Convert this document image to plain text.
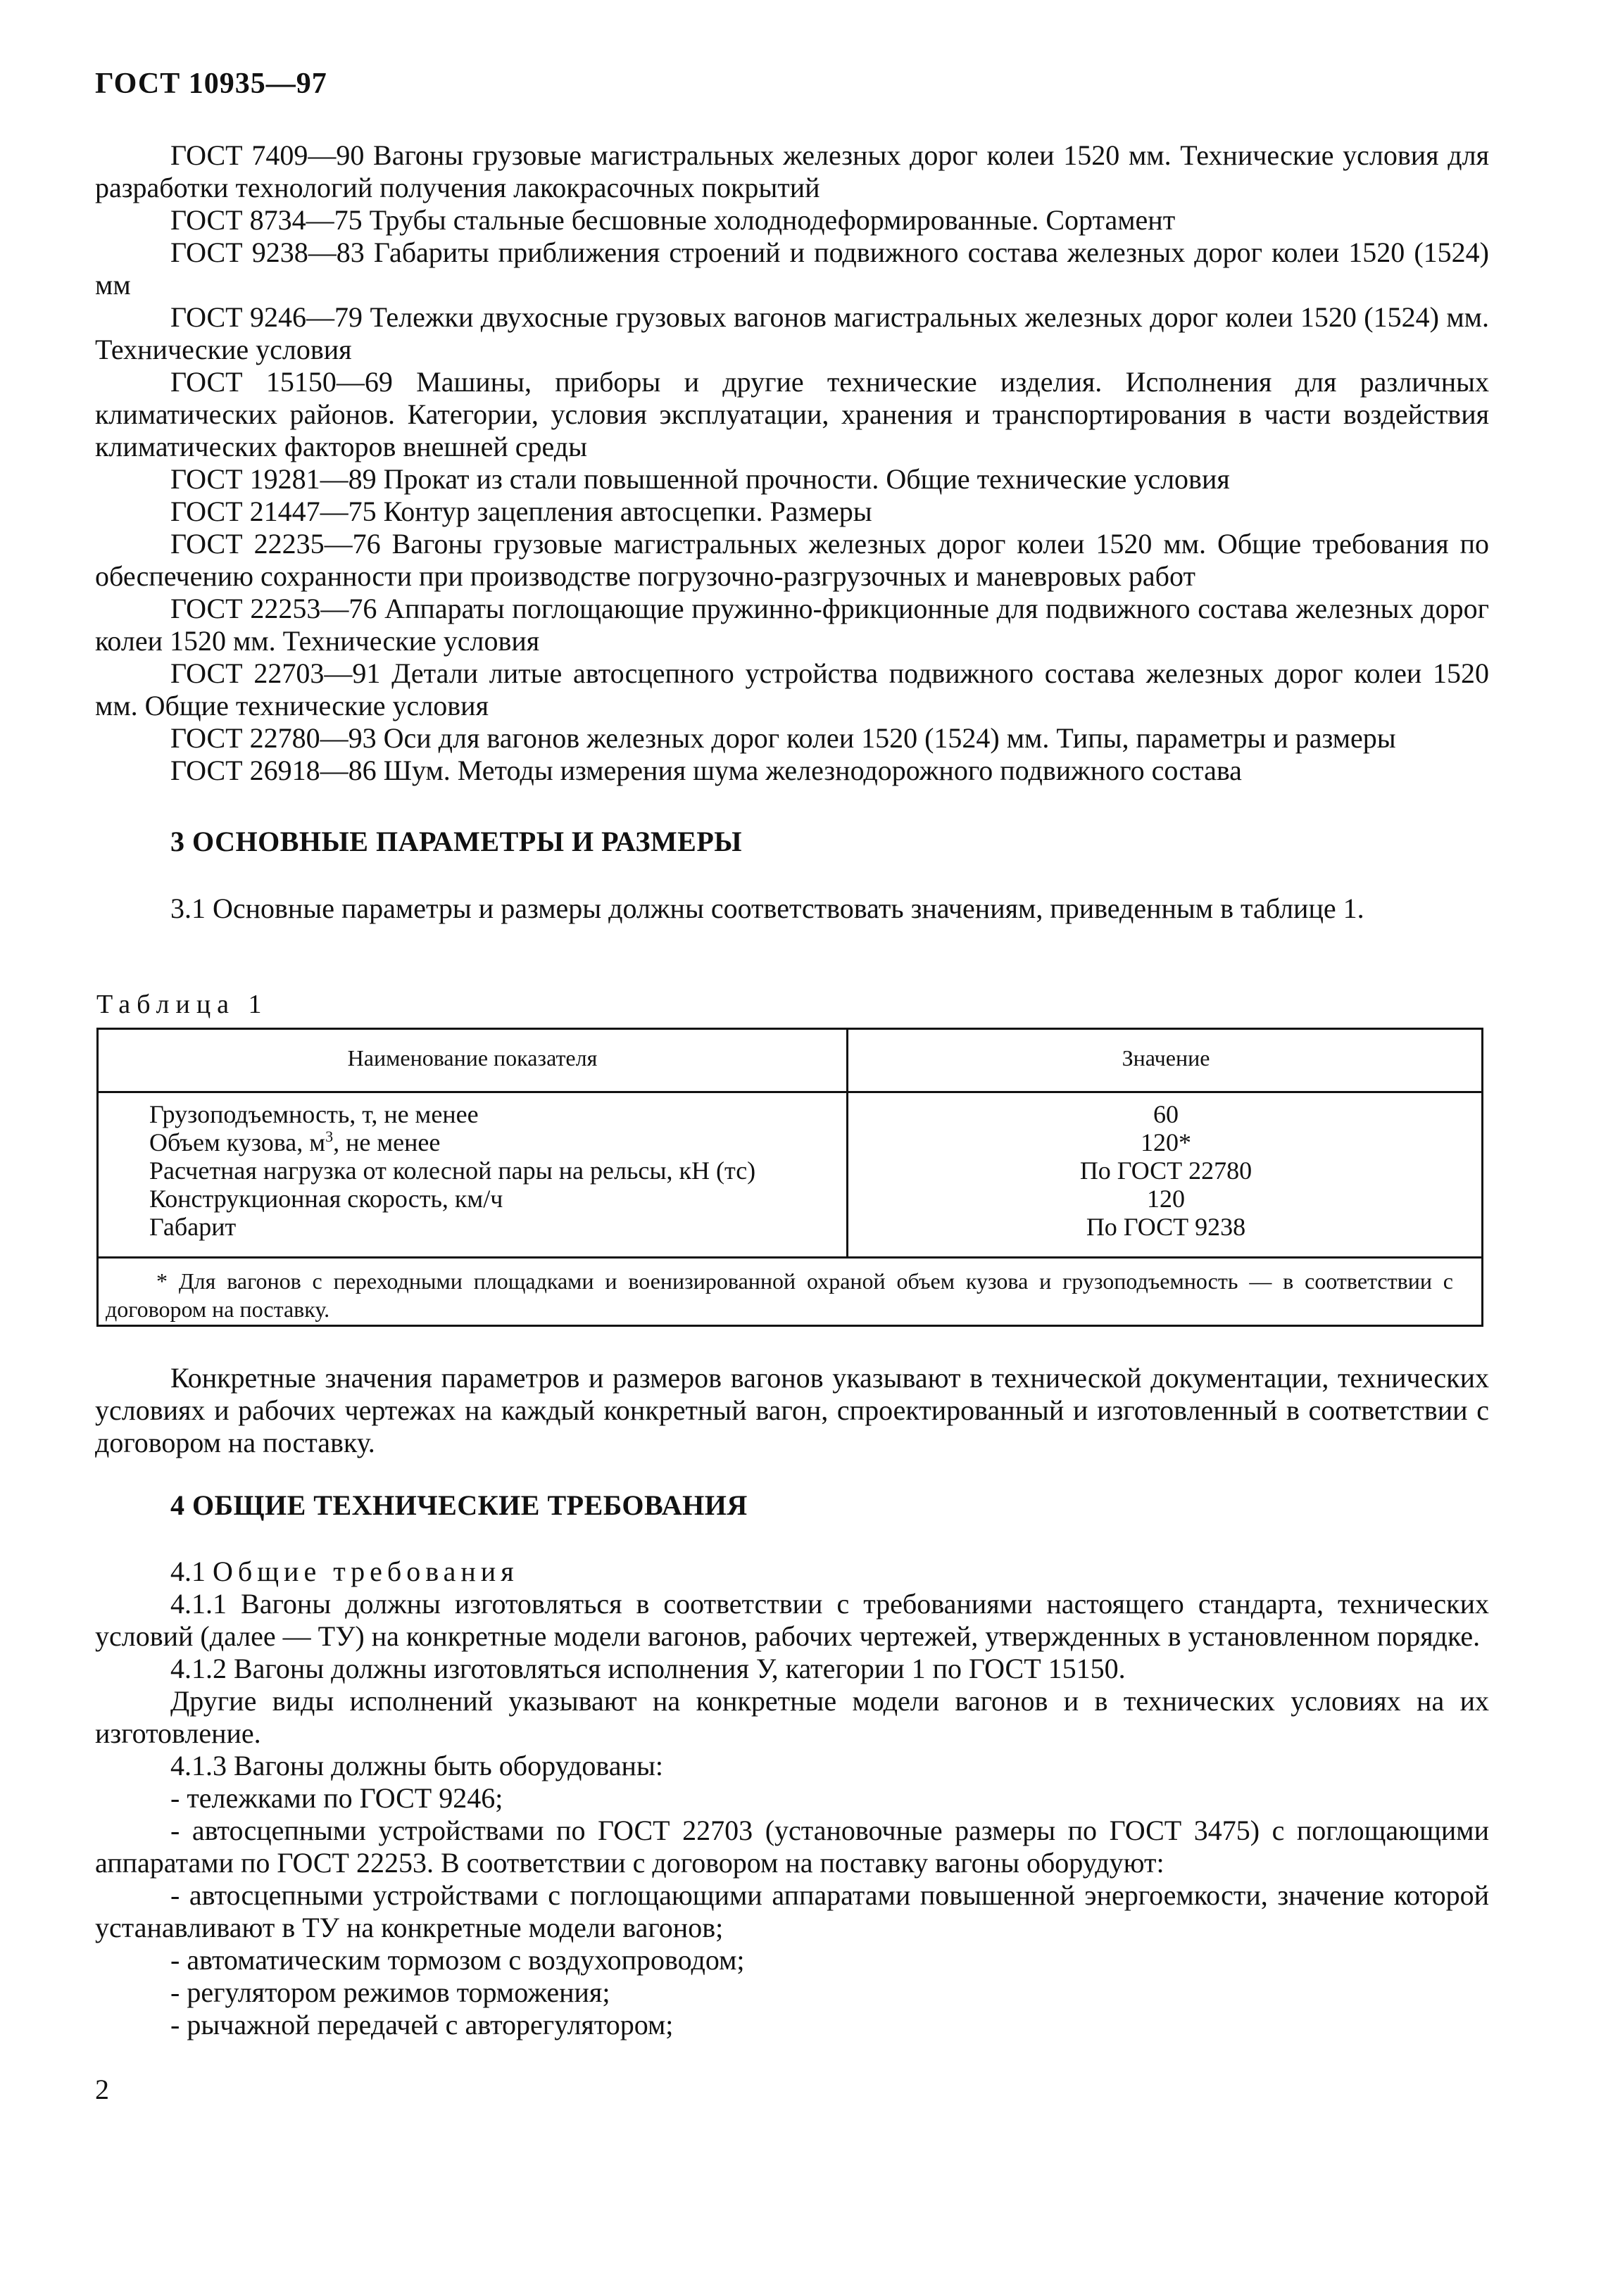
ГОСТ 10935—97

ГОСТ 7409—90 Вагоны грузовые магистральных железных дорог колеи 1520 мм. Технические условия для разработки технологий получения лакокрасочных покрытий

ГОСТ 8734—75 Трубы стальные бесшовные холоднодеформированные. Сортамент

ГОСТ 9238—83 Габариты приближения строений и подвижного состава железных дорог колеи 1520 (1524) мм

ГОСТ 9246—79 Тележки двухосные грузовых вагонов магистральных железных дорог колеи 1520 (1524) мм. Технические условия

ГОСТ 15150—69 Машины, приборы и другие технические изделия. Исполнения для различных климатических районов. Категории, условия эксплуатации, хранения и транспортирования в части воздействия климатических факторов внешней среды

ГОСТ 19281—89 Прокат из стали повышенной прочности. Общие технические условия

ГОСТ 21447—75 Контур зацепления автосцепки. Размеры

ГОСТ 22235—76 Вагоны грузовые магистральных железных дорог колеи 1520 мм. Общие требования по обеспечению сохранности при производстве погрузочно-разгрузочных и маневровых работ

ГОСТ 22253—76 Аппараты поглощающие пружинно-фрикционные для подвижного состава железных дорог колеи 1520 мм. Технические условия

ГОСТ 22703—91 Детали литые автосцепного устройства подвижного состава железных дорог колеи 1520 мм. Общие технические условия

ГОСТ 22780—93 Оси для вагонов железных дорог колеи 1520 (1524) мм. Типы, параметры и размеры

ГОСТ 26918—86 Шум. Методы измерения шума железнодорожного подвижного состава

3 ОСНОВНЫЕ ПАРАМЕТРЫ И РАЗМЕРЫ

3.1 Основные параметры и размеры должны соответствовать значениям, приведенным в таблице 1.

Таблица 1
Наименование показателя	Значение
Грузоподъемность, т, не менее	60
Объем кузова, $м^3$, не менее	120*
Расчетная нагрузка от колесной пары на рельсы, кН (тс)	По ГОСТ 22780
Конструкционная скорость, км/ч	120
Габарит	По ГОСТ 9238
* Для вагонов с переходными площадками и военизированной охраной объем кузова и грузоподъемность — в соответствии с договором на поставку.

Конкретные значения параметров и размеров вагонов указывают в технической документации, технических условиях и рабочих чертежах на каждый конкретный вагон, спроектированный и изготовленный в соответствии с договором на поставку.

4 ОБЩИЕ ТЕХНИЧЕСКИЕ ТРЕБОВАНИЯ

4.1 Общие требования

4.1.1 Вагоны должны изготовляться в соответствии с требованиями настоящего стандарта, технических условий (далее — ТУ) на конкретные модели вагонов, рабочих чертежей, утвержденных в установленном порядке.

4.1.2 Вагоны должны изготовляться исполнения У, категории 1 по ГОСТ 15150.

Другие виды исполнений указывают на конкретные модели вагонов и в технических условиях на их изготовление.

4.1.3 Вагоны должны быть оборудованы:

- тележками по ГОСТ 9246;

- автосцепными устройствами по ГОСТ 22703 (установочные размеры по ГОСТ 3475) с поглощающими аппаратами по ГОСТ 22253. В соответствии с договором на поставку вагоны оборудуют:

- автосцепными устройствами с поглощающими аппаратами повышенной энергоемкости, значение которой устанавливают в ТУ на конкретные модели вагонов;

- автоматическим тормозом с воздухопроводом;

- регулятором режимов торможения;

- рычажной передачей с авторегулятором;

2
